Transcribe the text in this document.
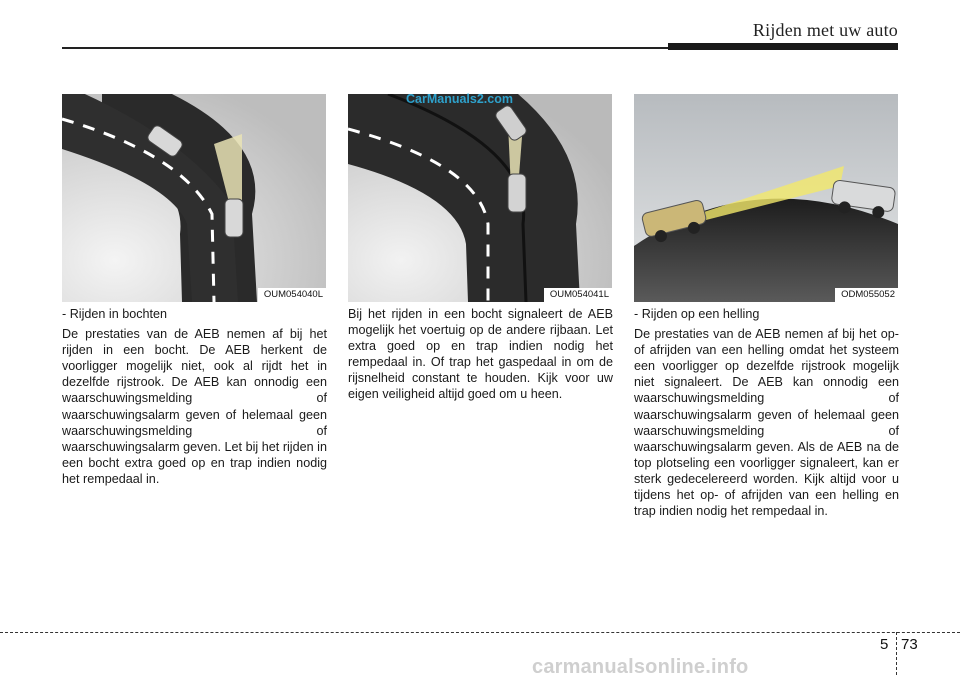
Rijden met uw auto
OUM054040L	OUM054041L
CarManuals2.com
ODM055052

- Rijden in bochten

De prestaties van de AEB nemen af bij het rijden in een bocht. De AEB herkent de voorligger mogelijk niet, ook al rijdt het in dezelfde rijstrook. De AEB kan onnodig een waarschuwingsmelding of waarschuwingsalarm geven of helemaal geen waarschuwingsmelding of waarschuwingsalarm geven. Let bij het rijden in een bocht extra goed op en trap indien nodig het rempedaal in.

Bij het rijden in een bocht signaleert de AEB mogelijk het voertuig op de andere rijbaan. Let extra goed op en trap indien nodig het rempedaal in. Of trap het gaspedaal in om de rijsnelheid constant te houden. Kijk voor uw eigen veiligheid altijd goed om u heen.

- Rijden op een helling

De prestaties van de AEB nemen af bij het op- of afrijden van een helling omdat het systeem een voorligger op dezelfde rijstrook mogelijk niet signaleert. De AEB kan onnodig een waarschuwingsmelding of waarschuwingsalarm geven of helemaal geen waarschuwingsmelding of waarschuwingsalarm geven. Als de AEB na de top plotseling een voorligger signaleert, kan er sterk gedecelereerd worden. Kijk altijd voor u tijdens het op- of afrijden van een helling en trap indien nodig het rempedaal in.

5 73
carmanualsonline.info
